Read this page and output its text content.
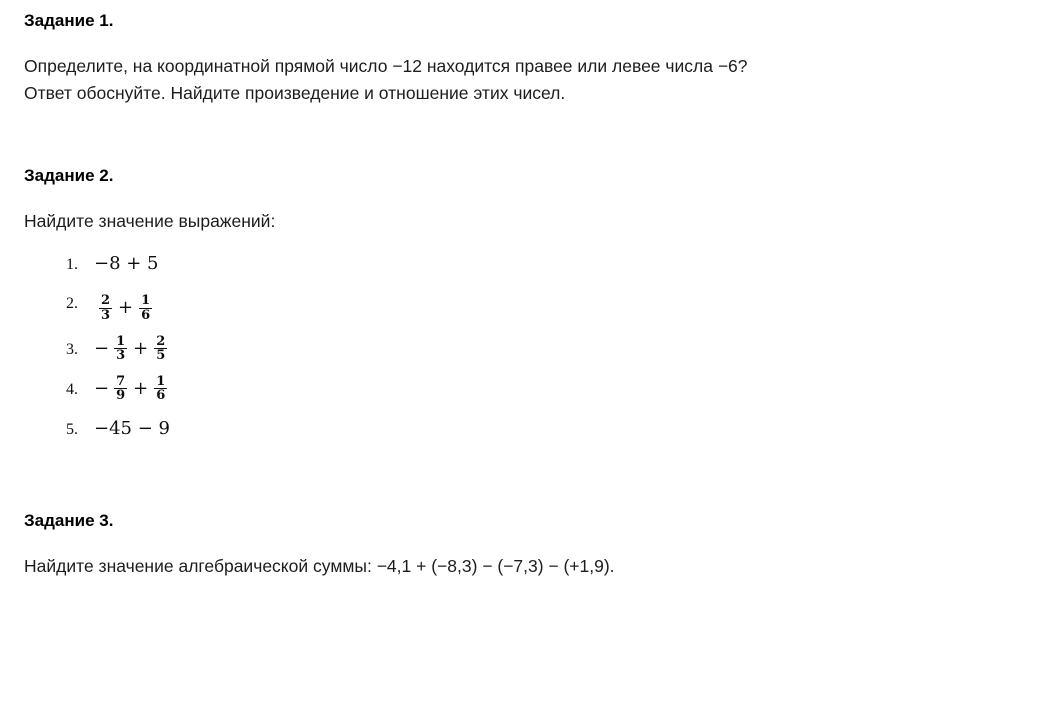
Задание 1.

Определите, на координатной прямой число −12 находится правее или левее числа −6?

Ответ обоснуйте. Найдите произведение и отношение этих чисел.

Задание 2.

Найдите значение выражений:

1. −8 + 5
2. $\frac{2}{3} + \frac{1}{6}$
3. − $\frac{1}{3} + \frac{2}{5}$
4. − $\frac{7}{9} + \frac{1}{6}$
5. −45 − 9
Задание 3.

Найдите значение алгебраической суммы: −4,1 + (−8,3) − (−7,3) − (+1,9).
